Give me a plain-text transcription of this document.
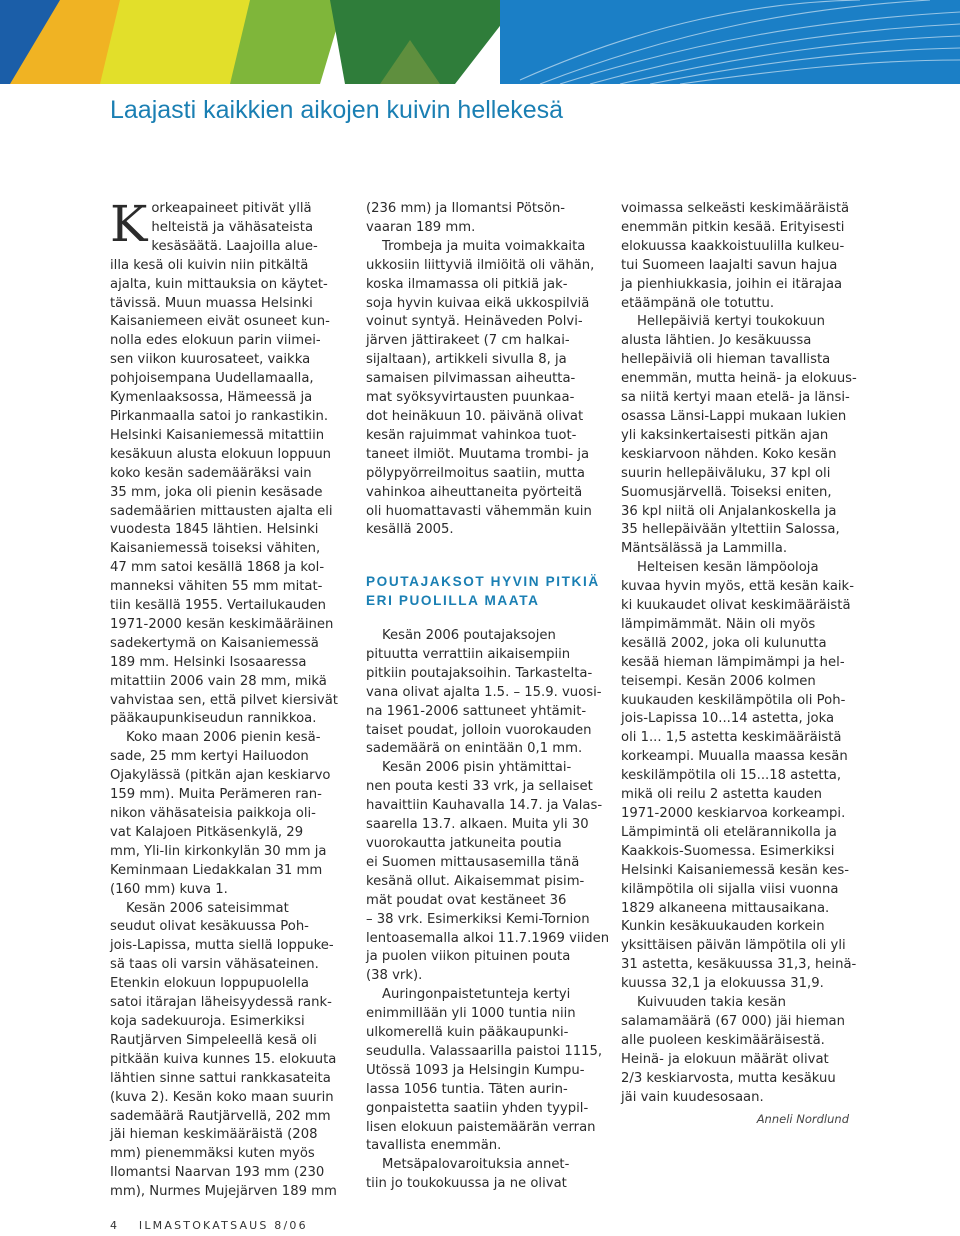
Laajasti kaikkien aikojen kuivin hellekesä
K orkeapaineet pitivät yllä
helteistä ja vähäsateista
kesäsäätä. Laajoilla alue-
illa kesä oli kuivin niin pitkältä
ajalta, kuin mittauksia on käytet-
tävissä. Muun muassa Helsinki
Kaisaniemeen eivät osuneet kun-
nolla edes elokuun parin viimei-
sen viikon kuurosateet, vaikka
pohjoisempana Uudellamaalla,
Kymenlaaksossa, Hämeessä ja
Pirkanmaalla satoi jo rankastikin.
Helsinki Kaisaniemessä mitattiin
kesäkuun alusta elokuun loppuun
koko kesän sademääräksi vain
35 mm, joka oli pienin kesäsade
sademäärien mittausten ajalta eli
vuodesta 1845 lähtien. Helsinki
Kaisaniemessä toiseksi vähiten,
47 mm satoi kesällä 1868 ja kol-
manneksi vähiten 55 mm mitat-
tiin kesällä 1955. Vertailukauden
1971-2000 kesän keskimääräinen
sadekertymä on Kaisaniemessä
189 mm. Helsinki Isosaaressa
mitattiin 2006 vain 28 mm, mikä
vahvistaa sen, että pilvet kiersivät
pääkaupunkiseudun rannikkoa.
Koko maan 2006 pienin kesä-
sade, 25 mm kertyi Hailuodon
Ojakylässä (pitkän ajan keskiarvo
159 mm). Muita Perämeren ran-
nikon vähäsateisia paikkoja oli-
vat Kalajoen Pitkäsenkylä, 29
mm, Yli-Iin kirkonkylän 30 mm ja
Keminmaan Liedakkalan 31 mm
(160 mm) kuva 1.
Kesän 2006 sateisimmat
seudut olivat kesäkuussa Poh-
jois-Lapissa, mutta siellä loppuke-
sä taas oli varsin vähäsateinen.
Etenkin elokuun loppupuolella
satoi itärajan läheisyydessä rank-
koja sadekuuroja. Esimerkiksi
Rautjärven Simpeleellä kesä oli
pitkään kuiva kunnes 15. elokuuta
lähtien sinne sattui rankkasateita
(kuva 2). Kesän koko maan suurin
sademäärä Rautjärvellä, 202 mm
jäi hieman keskimääräistä (208
mm) pienemmäksi kuten myös
Ilomantsi Naarvan 193 mm (230
mm), Nurmes Mujejärven 189 mm
(236 mm) ja Ilomantsi Pötsön-
vaaran 189 mm.
Trombeja ja muita voimakkaita
ukkosiin liittyviä ilmiöitä oli vähän,
koska ilmamassa oli pitkiä jak-
soja hyvin kuivaa eikä ukkospilviä
voinut syntyä. Heinäveden Polvi-
järven jättirakeet (7 cm halkai-
sijaltaan), artikkeli sivulla 8, ja
samaisen pilvimassan aiheutta-
mat syöksyvirtausten puunkaa-
dot heinäkuun 10. päivänä olivat
kesän rajuimmat vahinkoa tuot-
taneet ilmiöt. Muutama trombi- ja
pölypyörreilmoitus saatiin, mutta
vahinkoa aiheuttaneita pyörteitä
oli huomattavasti vähemmän kuin
kesällä 2005.
POUTAJAKSOT HYVIN PITKIÄ
ERI PUOLILLA MAATA
Kesän 2006 poutajaksojen
pituutta verrattiin aikaisempiin
pitkiin poutajaksoihin. Tarkasteltа-
vana olivat ajalta 1.5. – 15.9. vuosi-
na 1961-2006 sattuneet yhtämit-
taiset poudat, jolloin vuorokauden
sademäärä on enintään 0,1 mm.
Kesän 2006 pisin yhtämittai-
nen pouta kesti 33 vrk, ja sellaiset
havaittiin Kauhavalla 14.7. ja Valas-
saarella 13.7. alkaen. Muita yli 30
vuorokautta jatkuneita poutia
ei Suomen mittausasemilla tänä
kesänä ollut. Aikaisemmat pisim-
mät poudat ovat kestäneet 36
– 38 vrk. Esimerkiksi Kemi-Tornion
lentoasemalla alkoi 11.7.1969 viiden
ja puolen viikon pituinen pouta
(38 vrk).
Auringonpaistetunteja kertyi
enimmillään yli 1000 tuntia niin
ulkomerellä kuin pääkaupunki-
seudulla. Valassaarilla paistoi 1115,
Utössä 1093 ja Helsingin Kumpu-
lassa 1056 tuntia. Täten aurin-
gonpaistetta saatiin yhden tyypil-
lisen elokuun paistemäärän verran
tavallista enemmän.
Metsäpalovaroituksia annet-
tiin jo toukokuussa ja ne olivat
voimassa selkeästi keskimääräistä
enemmän pitkin kesää. Erityisesti
elokuussa kaakkoistuulilla kulkeu-
tui Suomeen laajalti savun hajua
ja pienhiukkasia, joihin ei itärajaa
etäämpänä ole totuttu.
Hellepäiviä kertyi toukokuun
alusta lähtien. Jo kesäkuussa
hellepäiviä oli hieman tavallista
enemmän, mutta heinä- ja elokuus-
sa niitä kertyi maan etelä- ja länsi-
osassa Länsi-Lappi mukaan lukien
yli kaksinkertaisesti pitkän ajan
keskiarvoon nähden. Koko kesän
suurin hellepäiväluku, 37 kpl oli
Suomusjärvellä. Toiseksi eniten,
36 kpl niitä oli Anjalankoskella ja
35 hellepäivään yltettiin Salossa,
Mäntsälässä ja Lammilla.
Helteisen kesän lämpöoloja
kuvaa hyvin myös, että kesän kaik-
ki kuukaudet olivat keskimääräistä
lämpimämmät. Näin oli myös
kesällä 2002, joka oli kulunutta
kesää hieman lämpimämpi ja hel-
teisempi. Kesän 2006 kolmen
kuukauden keskilämpötila oli Poh-
jois-Lapissa 10...14 astetta, joka
oli 1... 1,5 astetta keskimääräistä
korkeampi. Muualla maassa kesän
keskilämpötila oli 15...18 astetta,
mikä oli reilu 2 astetta kauden
1971-2000 keskiarvoa korkeampi.
Lämpimintä oli etelärannikolla ja
Kaakkois-Suomessa. Esimerkiksi
Helsinki Kaisaniemessä kesän kes-
kilämpötila oli sijalla viisi vuonna
1829 alkaneena mittausaikana.
Kunkin kesäkuukauden korkein
yksittäisen päivän lämpötila oli yli
31 astetta, kesäkuussa 31,3, heinä-
kuussa 32,1 ja elokuussa 31,9.
Kuivuuden takia kesän
salamamäärä (67 000) jäi hieman
alle puoleen keskimääräisestä.
Heinä- ja elokuun määrät olivat
2/3 keskiarvosta, mutta kesäkuu
jäi vain kuudesosaan.
Anneli Nordlund
4 ILMASTOKATSAUS 8/06
